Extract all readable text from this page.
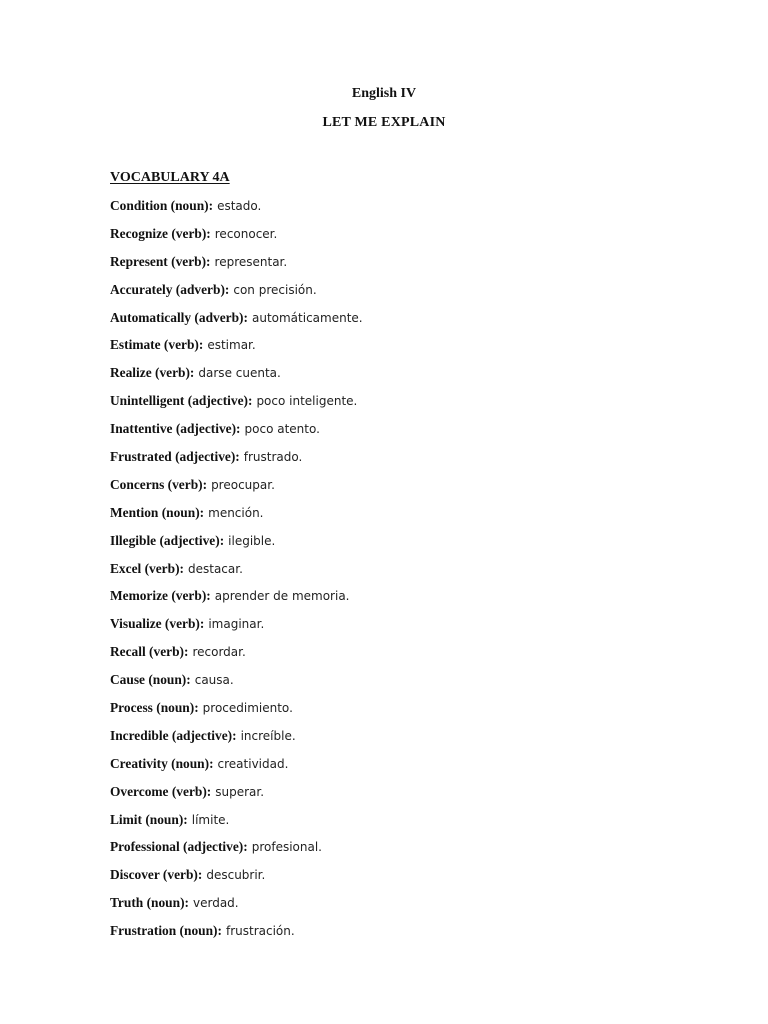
English IV
LET ME EXPLAIN
VOCABULARY 4A
Condition (noun): estado.
Recognize (verb): reconocer.
Represent (verb): representar.
Accurately (adverb): con precisión.
Automatically (adverb): automáticamente.
Estimate (verb): estimar.
Realize (verb): darse cuenta.
Unintelligent (adjective): poco inteligente.
Inattentive (adjective): poco atento.
Frustrated (adjective): frustrado.
Concerns (verb): preocupar.
Mention (noun): mención.
Illegible (adjective): ilegible.
Excel (verb): destacar.
Memorize (verb): aprender de memoria.
Visualize (verb): imaginar.
Recall (verb): recordar.
Cause (noun): causa.
Process (noun): procedimiento.
Incredible (adjective): increíble.
Creativity (noun): creatividad.
Overcome (verb): superar.
Limit (noun): límite.
Professional (adjective): profesional.
Discover (verb): descubrir.
Truth (noun): verdad.
Frustration (noun): frustración.
